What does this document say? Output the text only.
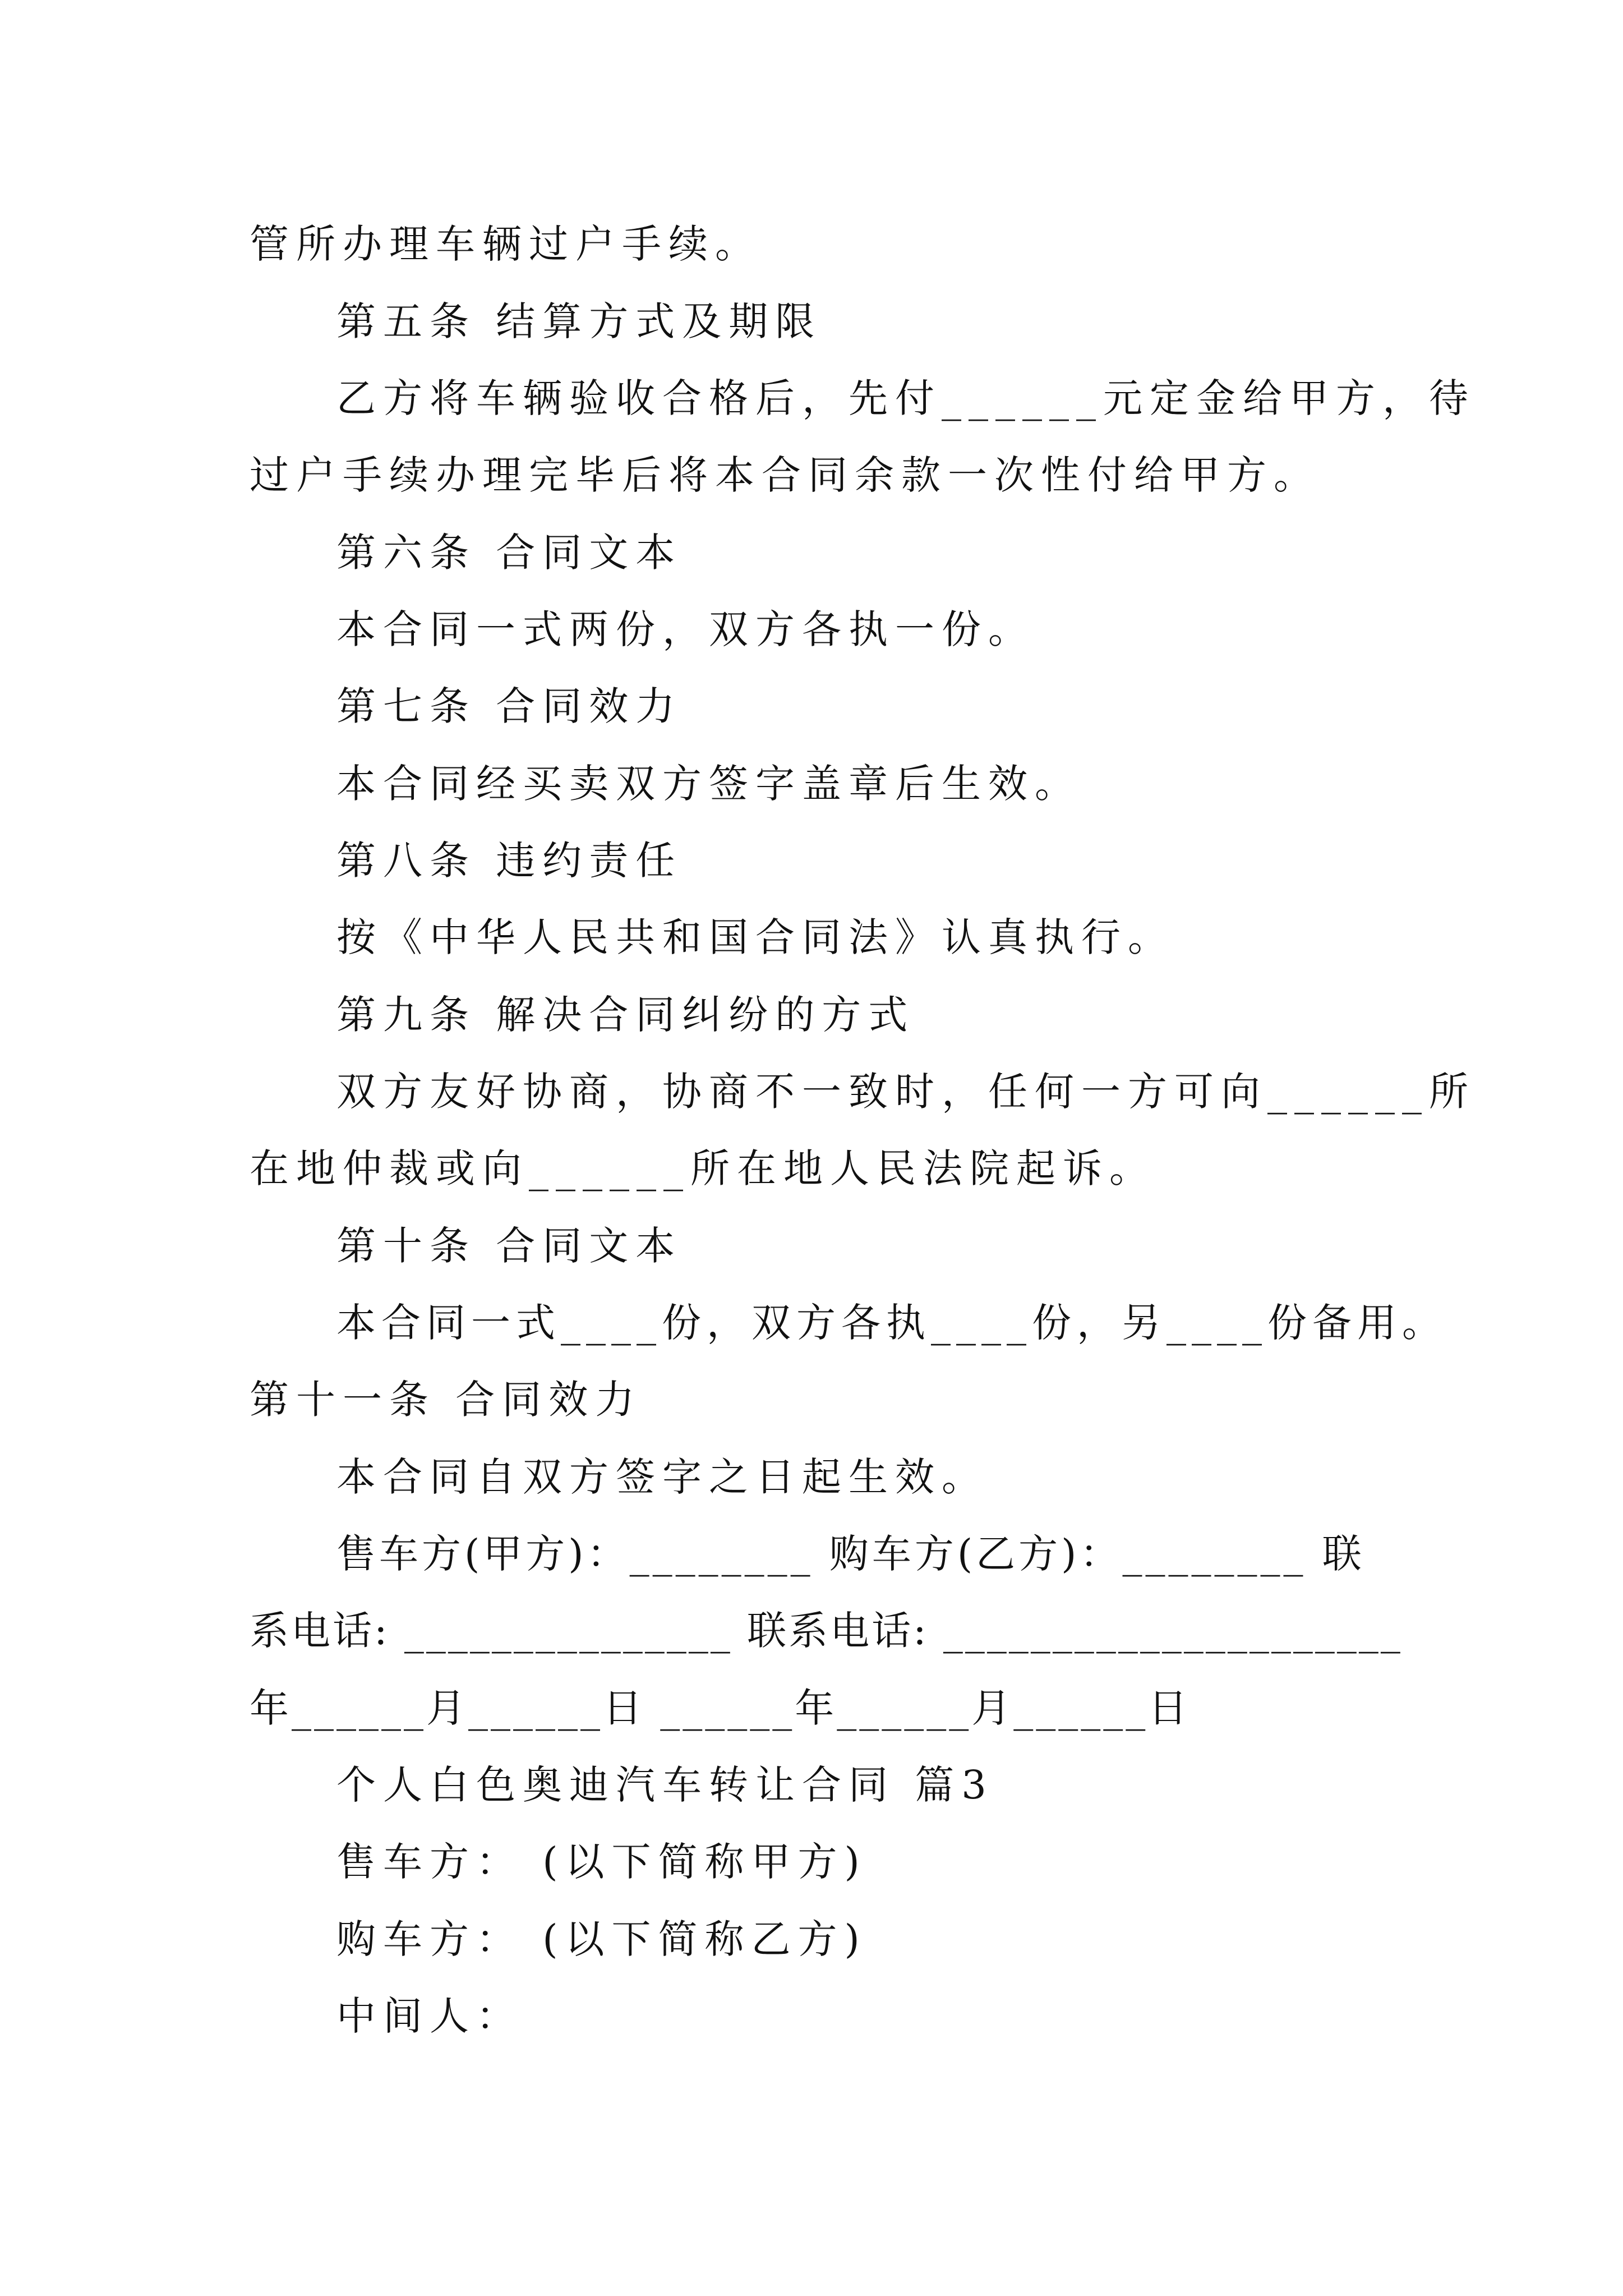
管所办理车辆过户手续。
第五条 结算方式及期限
乙方将车辆验收合格后，先付______元定金给甲方，待
过户手续办理完毕后将本合同余款一次性付给甲方。
第六条 合同文本
本合同一式两份，双方各执一份。
第七条 合同效力
本合同经买卖双方签字盖章后生效。
第八条 违约责任
按《中华人民共和国合同法》认真执行。
第九条 解决合同纠纷的方式
双方友好协商，协商不一致时，任何一方可向______所
在地仲裁或向______所在地人民法院起诉。
第十条 合同文本
本合同一式____份，双方各执____份，另____份备用。
第十一条 合同效力
本合同自双方签字之日起生效。
售车方(甲方)：________ 购车方(乙方)：________ 联
系电话: _______________ 联系电话: _____________________
年______月______日 ______年______月______日
个人白色奥迪汽车转让合同 篇3
售车方： (以下简称甲方)
购车方： (以下简称乙方)
中间人：
